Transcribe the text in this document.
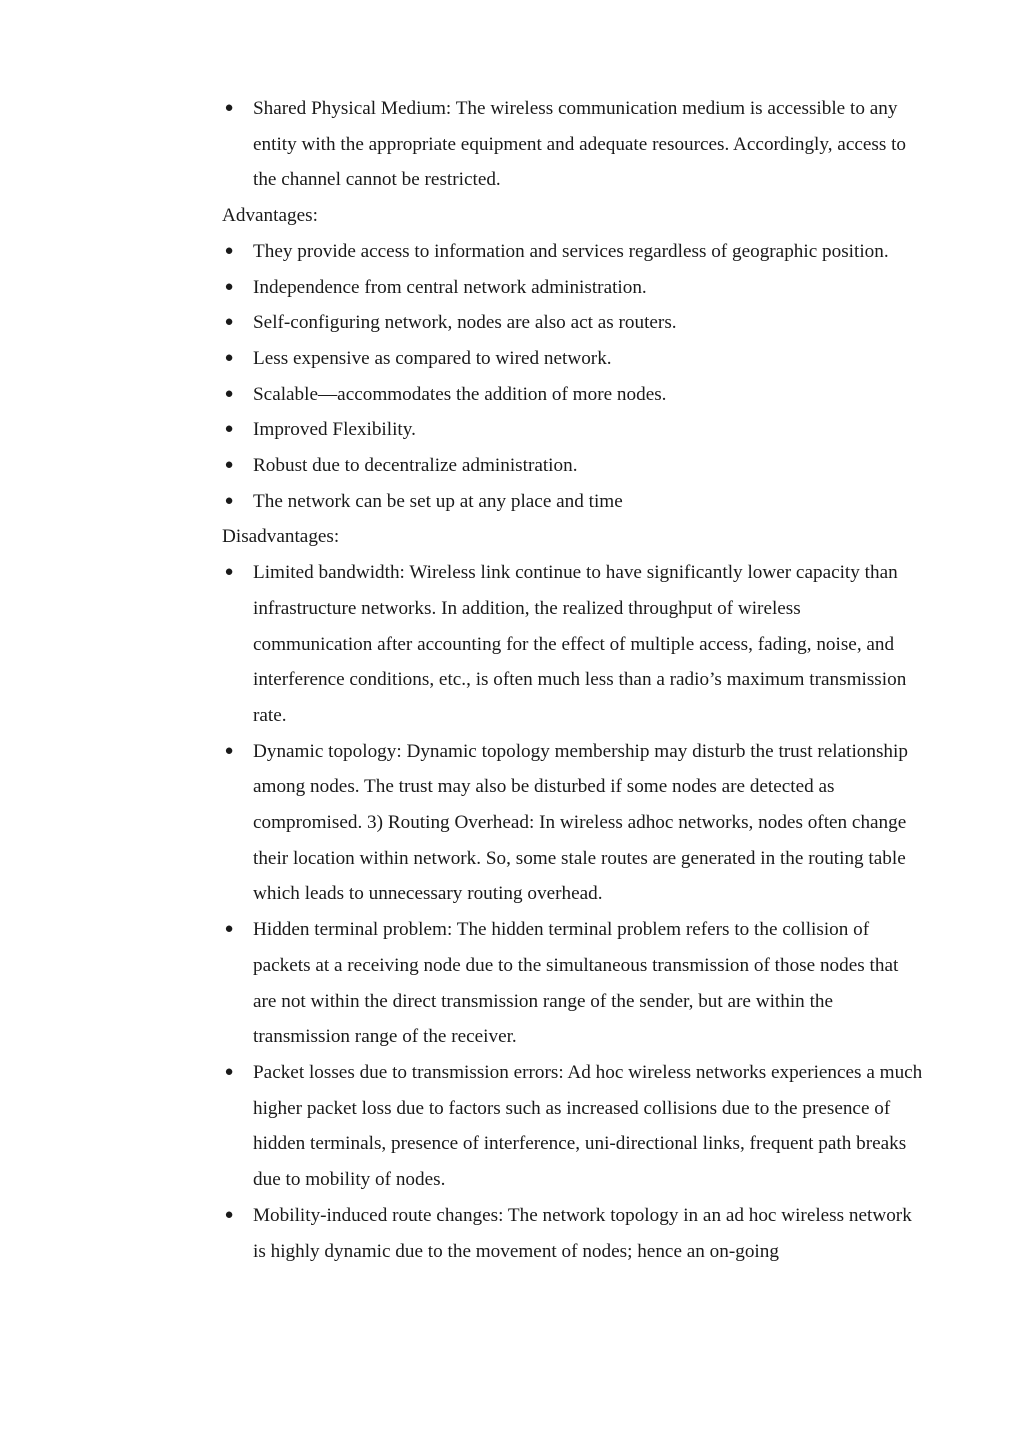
● Shared Physical Medium: The wireless communication medium is accessible to any entity with the appropriate equipment and adequate resources. Accordingly, access to the channel cannot be restricted.

Advantages:

● They provide access to information and services regardless of geographic position.
● Independence from central network administration.
● Self-configuring network, nodes are also act as routers.
● Less expensive as compared to wired network.
● Scalable—accommodates the addition of more nodes.
● Improved Flexibility.
● Robust due to decentralize administration.
● The network can be set up at any place and time

Disadvantages:

● Limited bandwidth: Wireless link continue to have significantly lower capacity than infrastructure networks. In addition, the realized throughput of wireless communication after accounting for the effect of multiple access, fading, noise, and interference conditions, etc., is often much less than a radio’s maximum transmission rate.
● Dynamic topology: Dynamic topology membership may disturb the trust relationship among nodes. The trust may also be disturbed if some nodes are detected as compromised. 3) Routing Overhead: In wireless adhoc networks, nodes often change their location within network. So, some stale routes are generated in the routing table which leads to unnecessary routing overhead.
● Hidden terminal problem: The hidden terminal problem refers to the collision of packets at a receiving node due to the simultaneous transmission of those nodes that are not within the direct transmission range of the sender, but are within the transmission range of the receiver.
● Packet losses due to transmission errors: Ad hoc wireless networks experiences a much higher packet loss due to factors such as increased collisions due to the presence of hidden terminals, presence of interference, uni-directional links, frequent path breaks due to mobility of nodes.
● Mobility-induced route changes: The network topology in an ad hoc wireless network is highly dynamic due to the movement of nodes; hence an on-going
